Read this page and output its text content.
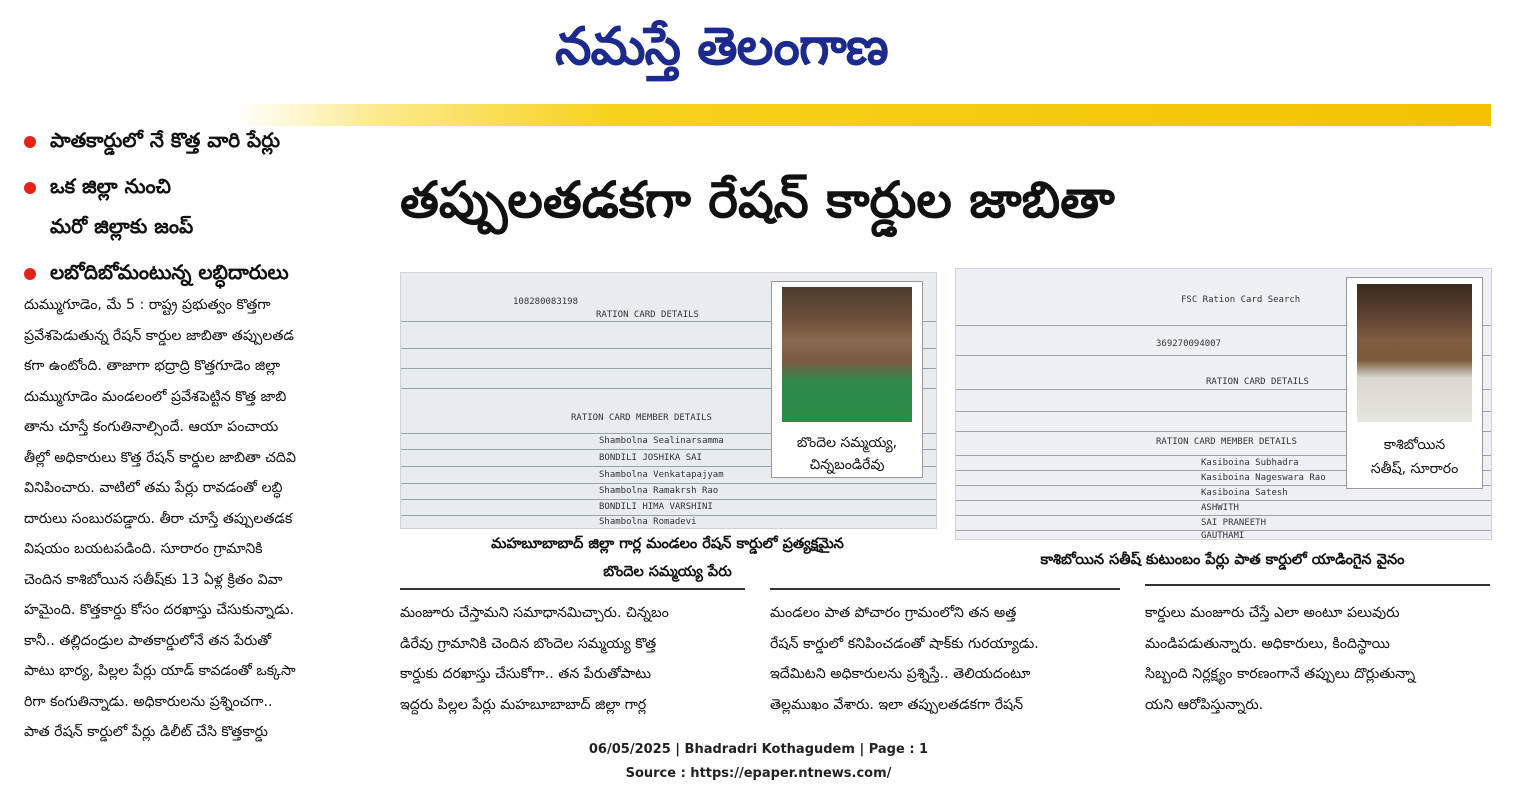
నమస్తే తెలంగాణ
పాతకార్డులో నే కొత్త వారి పేర్లు
ఒక జిల్లా నుంచి
మరో జిల్లాకు జంప్
లబోదిబోమంటున్న లబ్ధిదారులు
తప్పులతడకగా రేషన్ కార్డుల జాబితా

దుమ్ముగూడెం, మే 5 : రాష్ట్ర ప్రభుత్వం కొత్తగా

ప్రవేశపెడుతున్న రేషన్ కార్డుల జాబితా తప్పులతడ

కగా ఉంటోంది. తాజాగా భద్రాద్రి కొత్తగూడెం జిల్లా

దుమ్ముగూడెం మండలంలో ప్రవేశపెట్టిన కొత్త జాబి

తాను చూస్తే కంగుతినాల్సిందే. ఆయా పంచాయ

తీల్లో అధికారులు కొత్త రేషన్ కార్డుల జాబితా చదివి

వినిపించారు. వాటిలో తమ పేర్లు రావడంతో లబ్ధి

దారులు సంబురపడ్డారు. తీరా చూస్తే తప్పులతడక

విషయం బయటపడింది. సూరారం గ్రామానికి

చెందిన కాశిబోయిన సతీష్‌కు 13 ఏళ్ల క్రితం వివా

హమైంది. కొత్తకార్డు కోసం దరఖాస్తు చేసుకున్నాడు.

కానీ.. తల్లిదండ్రుల పాతకార్డులోనే తన పేరుతో

పాటు భార్య, పిల్లల పేర్లు యాడ్ కావడంతో ఒక్కసా

రిగా కంగుతిన్నాడు. అధికారులను ప్రశ్నించగా..

పాత రేషన్ కార్డులో పేర్లు డిలీట్ చేసి కొత్తకార్డు

108280083198
RATION CARD DETAILS
RATION CARD MEMBER DETAILS
Shambolna Sealinarsamma
BONDILI JOSHIKA SAI
Shambolna Venkatapajyam
Shambolna Ramakrsh Rao
BONDILI HIMA VARSHINI
Shambolna Romadevi
బొందెల సమ్మయ్య,
చిన్నబండిరేవు
మహబూబాబాద్ జిల్లా గార్ల మండలం రేషన్ కార్డులో ప్రత్యక్షమైన
బొందెల సమ్మయ్య పేరు
FSC Ration Card Search
369270094007
RATION CARD DETAILS
RATION CARD MEMBER DETAILS
Kasiboina Subhadra
Kasiboina Nageswara Rao
Kasiboina Satesh
ASHWITH
SAI PRANEETH
GAUTHAMI
కాశిబోయిన
సతీష్, సూరారం
కాశిబోయిన సతీష్ కుటుంబం పేర్లు పాత కార్డులో యాడింగైన వైనం

మంజూరు చేస్తామని సమాధానమిచ్చారు. చిన్నబం

డిరేవు గ్రామానికి చెందిన బొందెల సమ్మయ్య కొత్త

కార్డుకు దరఖాస్తు చేసుకోగా.. తన పేరుతోపాటు

ఇద్దరు పిల్లల పేర్లు మహబూబాబాద్ జిల్లా గార్ల

మండలం పాత పోచారం గ్రామంలోని తన అత్త

రేషన్ కార్డులో కనిపించడంతో షాక్‌కు గురయ్యాడు.

ఇదేమిటని అధికారులను ప్రశ్నిస్తే.. తెలియదంటూ

తెల్లముఖం వేశారు. ఇలా తప్పులతడకగా రేషన్

కార్డులు మంజూరు చేస్తే ఎలా అంటూ పలువురు

మండిపడుతున్నారు. అధికారులు, కిందిస్థాయి

సిబ్బంది నిర్లక్ష్యం కారణంగానే తప్పులు దొర్లుతున్నా

యని ఆరోపిస్తున్నారు.

06/05/2025 | Bhadradri Kothagudem | Page : 1
Source : https://epaper.ntnews.com/
